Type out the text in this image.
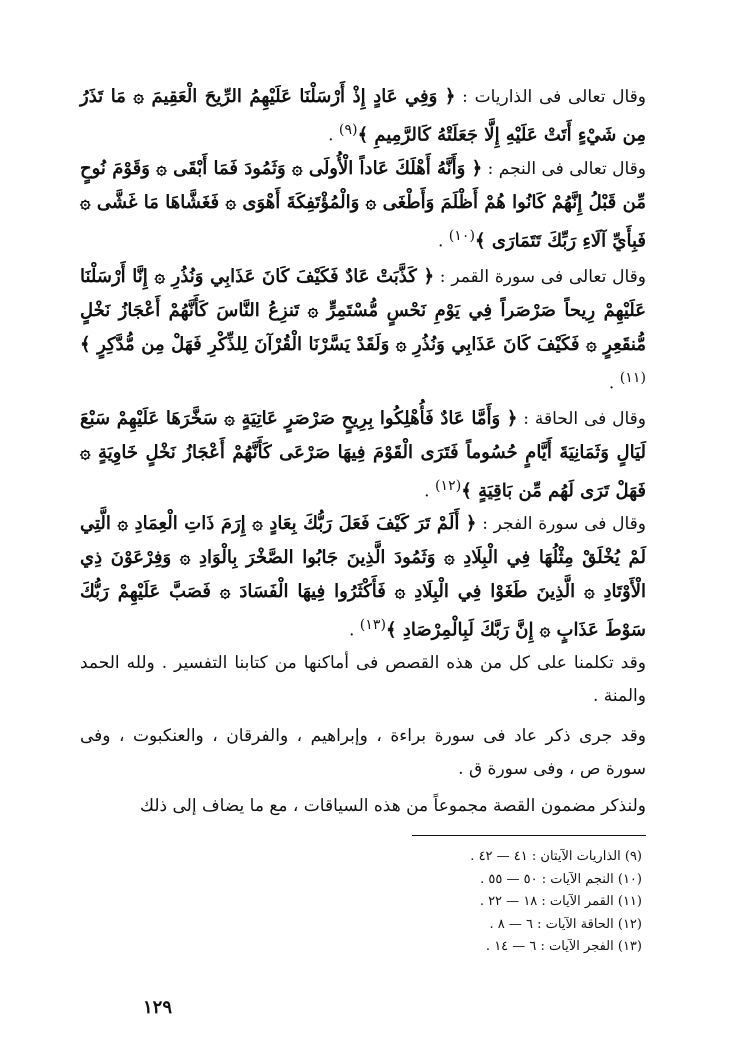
وقال تعالى فى الذاريات : ﴿ وَفِي عَادٍ إِذْ أَرْسَلْنَا عَلَيْهِمُ الرِّيحَ الْعَقِيمَ ۞ مَا تَذَرُ مِن شَيْءٍ أَتَتْ عَلَيْهِ إِلَّا جَعَلَتْهُ كَالرَّمِيمِ ﴾$^{(٩)}$ .

وقال تعالى فى النجم : ﴿ وَأَنَّهُ أَهْلَكَ عَاداً الْأُولَى ۞ وَثَمُودَ فَمَا أَبْقَى ۞ وَقَوْمَ نُوحٍ مِّن قَبْلُ إِنَّهُمْ كَانُوا هُمْ أَظْلَمَ وَأَطْغَى ۞ وَالْمُؤْتَفِكَةَ أَهْوَى ۞ فَغَشَّاهَا مَا غَشَّى ۞ فَبِأَيِّ آلَاءِ رَبِّكَ تَتَمَارَى ﴾$^{(١٠)}$ .

وقال تعالى فى سورة القمر : ﴿ كَذَّبَتْ عَادٌ فَكَيْفَ كَانَ عَذَابِي وَنُذُرِ ۞ إِنَّا أَرْسَلْنَا عَلَيْهِمْ رِيحاً صَرْصَراً فِي يَوْمِ نَحْسٍ مُّسْتَمِرٍّ ۞ تَنزِعُ النَّاسَ كَأَنَّهُمْ أَعْجَازُ نَخْلٍ مُّنقَعِرٍ ۞ فَكَيْفَ كَانَ عَذَابِي وَنُذُرِ ۞ وَلَقَدْ يَسَّرْنَا الْقُرْآنَ لِلذِّكْرِ فَهَلْ مِن مُّدَّكِرٍ ﴾$^{(١١)}$ .

وقال فى الحاقة : ﴿ وَأَمَّا عَادٌ فَأُهْلِكُوا بِرِيحٍ صَرْصَرٍ عَاتِيَةٍ ۞ سَخَّرَهَا عَلَيْهِمْ سَبْعَ لَيَالٍ وَثَمَانِيَةَ أَيَّامٍ حُسُوماً فَتَرَى الْقَوْمَ فِيهَا صَرْعَى كَأَنَّهُمْ أَعْجَازُ نَخْلٍ خَاوِيَةٍ ۞ فَهَلْ تَرَى لَهُم مِّن بَاقِيَةٍ ﴾$^{(١٢)}$ .

وقال فى سورة الفجر : ﴿ أَلَمْ تَرَ كَيْفَ فَعَلَ رَبُّكَ بِعَادٍ ۞ إِرَمَ ذَاتِ الْعِمَادِ ۞ الَّتِي لَمْ يُخْلَقْ مِثْلُهَا فِي الْبِلَادِ ۞ وَثَمُودَ الَّذِينَ جَابُوا الصَّخْرَ بِالْوَادِ ۞ وَفِرْعَوْنَ ذِي الْأَوْتَادِ ۞ الَّذِينَ طَغَوْا فِي الْبِلَادِ ۞ فَأَكْثَرُوا فِيهَا الْفَسَادَ ۞ فَصَبَّ عَلَيْهِمْ رَبُّكَ سَوْطَ عَذَابٍ ۞ إِنَّ رَبَّكَ لَبِالْمِرْصَادِ ﴾$^{(١٣)}$ .

وقد تكلمنا على كل من هذه القصص فى أماكنها من كتابنا التفسير . ولله الحمد والمنة .

وقد جرى ذكر عاد فى سورة براءة ، وإبراهيم ، والفرقان ، والعنكبوت ، وفى سورة ص ، وفى سورة ق .

ولنذكر مضمون القصة مجموعاً من هذه السياقات ، مع ما يضاف إلى ذلك

(٩) الذاريات الآيتان : ٤١ — ٤٢ .
(١٠) النجم الآيات : ٥٠ — ٥٥ .
(١١) القمر الآيات : ١٨ — ٢٢ .
(١٢) الحاقة الآيات : ٦ — ٨ .
(١٣) الفجر الآيات : ٦ — ١٤ .
١٢٩
